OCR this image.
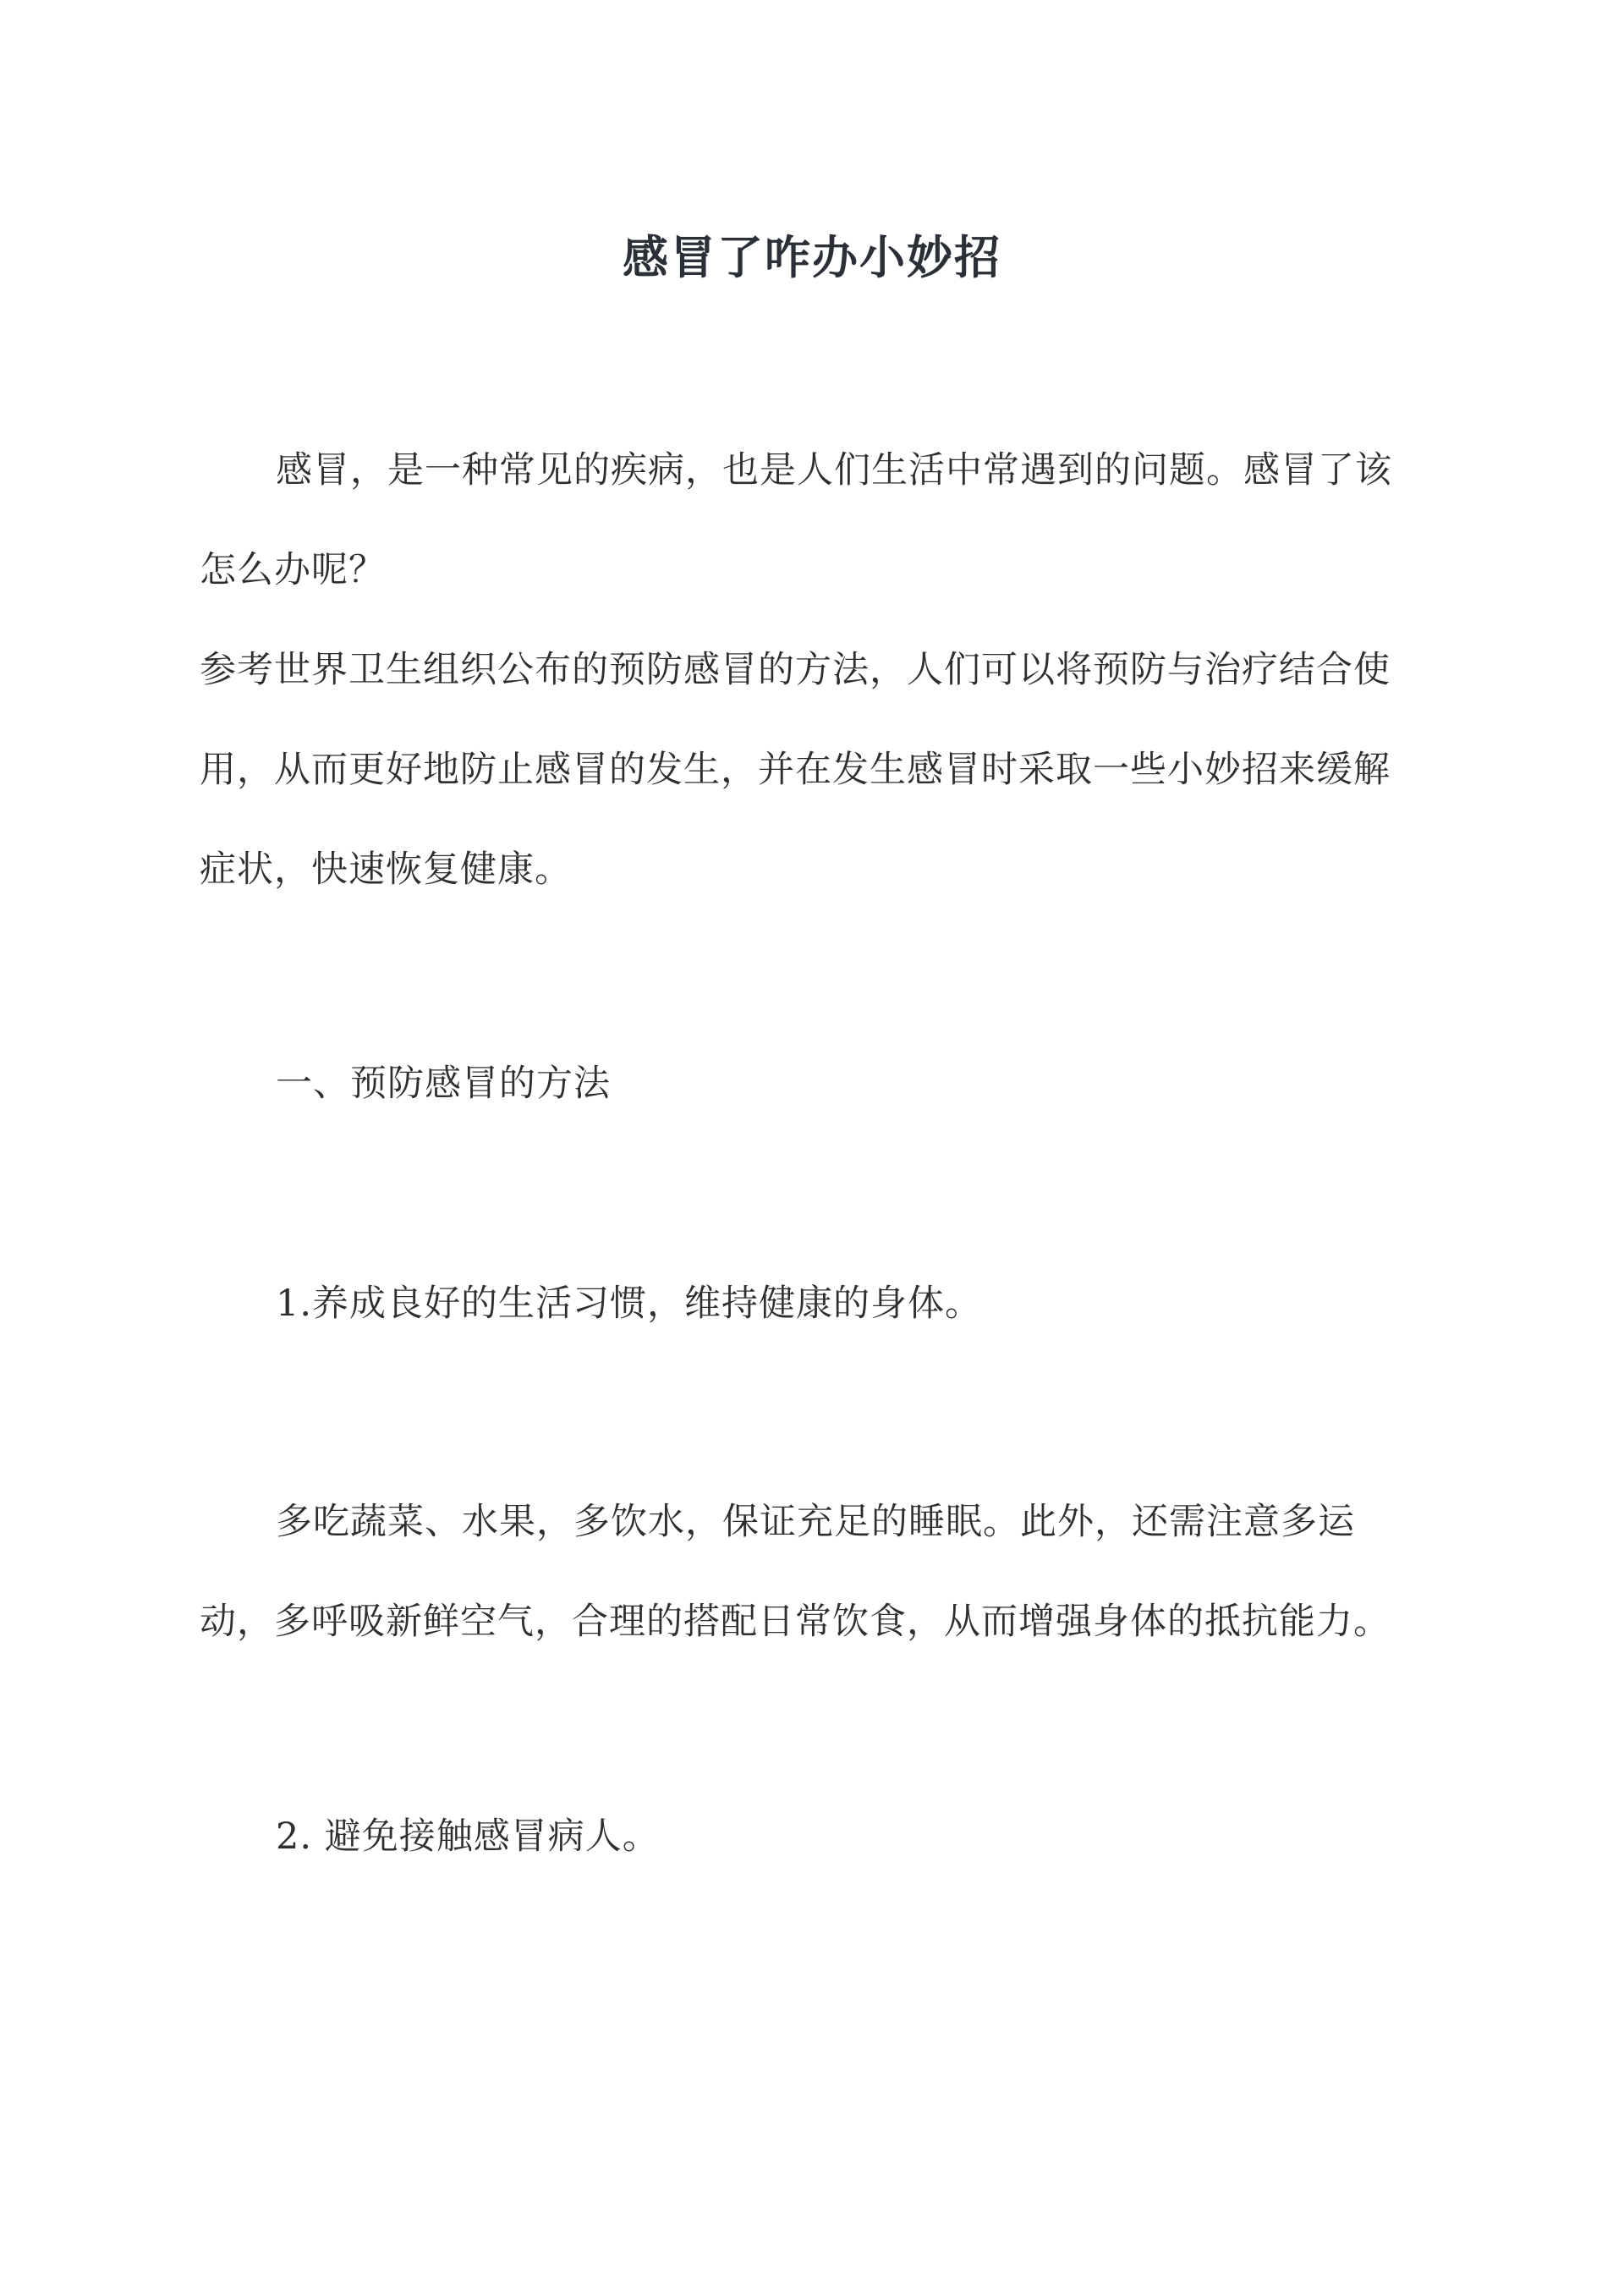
感冒了咋办小妙招

感冒，是一种常见的疾病，也是人们生活中常遇到的问题。感冒了该怎么办呢？

参考世界卫生组织公布的预防感冒的方法，人们可以将预防与治疗结合使用，从而更好地防止感冒的发生，并在发生感冒时采取一些小妙招来缓解症状，快速恢复健康。

一、预防感冒的方法

1.养成良好的生活习惯，维持健康的身体。

多吃蔬菜、水果，多饮水，保证充足的睡眠。此外，还需注意多运动，多呼吸新鲜空气，合理的搭配日常饮食，从而增强身体的抵抗能力。

2. 避免接触感冒病人。
